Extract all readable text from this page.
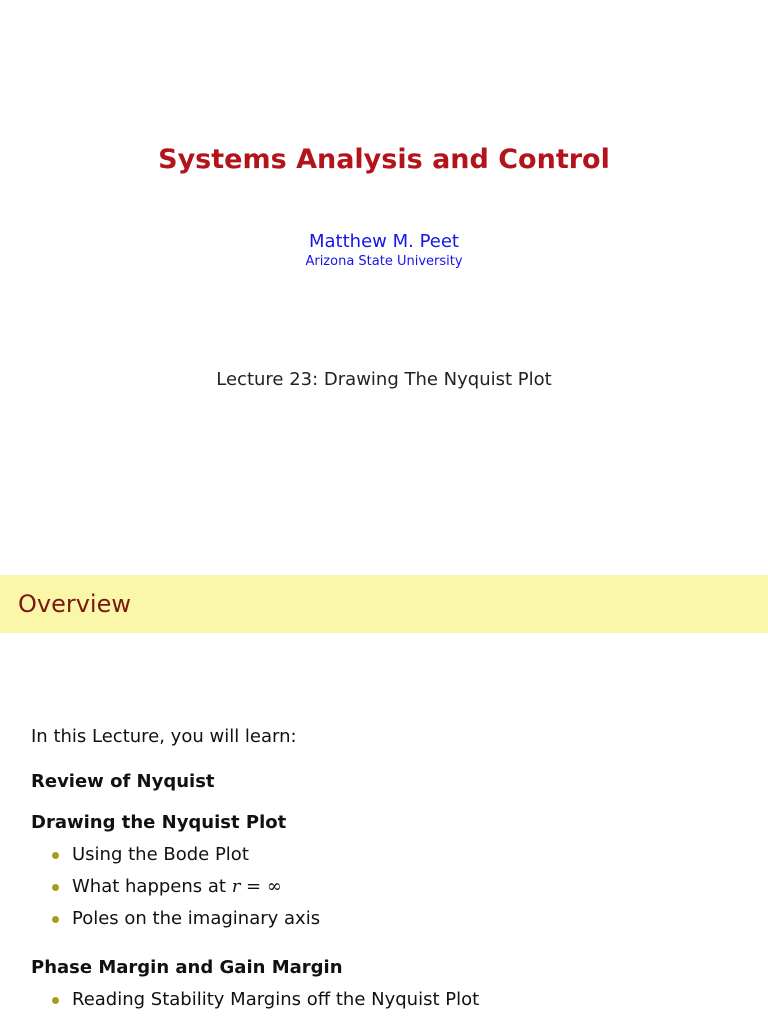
Systems Analysis and Control
Matthew M. Peet
Arizona State University
Lecture 23: Drawing The Nyquist Plot
Overview
In this Lecture, you will learn:
Review of Nyquist
Drawing the Nyquist Plot
Using the Bode Plot
What happens at r = ∞
Poles on the imaginary axis
Phase Margin and Gain Margin
Reading Stability Margins off the Nyquist Plot
